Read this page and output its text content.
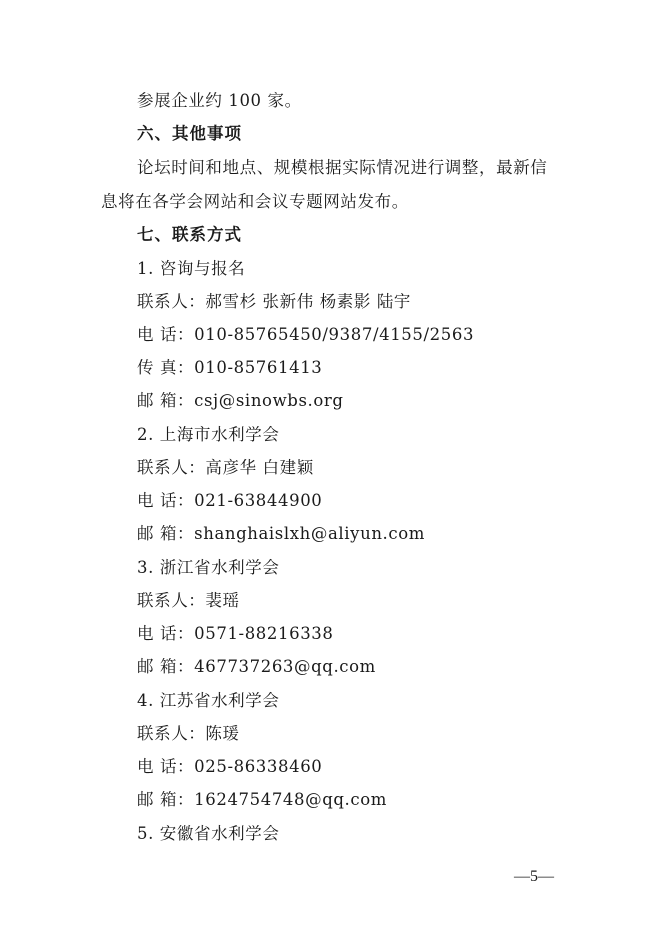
参展企业约 100 家。
六、其他事项
论坛时间和地点、规模根据实际情况进行调整，最新信
息将在各学会网站和会议专题网站发布。
七、联系方式
1. 咨询与报名
联系人：郝雪杉 张新伟 杨素影 陆宇
电 话：010-85765450/9387/4155/2563
传 真：010-85761413
邮 箱：csj@sinowbs.org
2. 上海市水利学会
联系人：高彦华 白建颖
电 话：021-63844900
邮 箱：shanghaislxh@aliyun.com
3. 浙江省水利学会
联系人：裴瑶
电 话：0571-88216338
邮 箱：467737263@qq.com
4. 江苏省水利学会
联系人：陈瑗
电 话：025-86338460
邮 箱：1624754748@qq.com
5. 安徽省水利学会
—5—
